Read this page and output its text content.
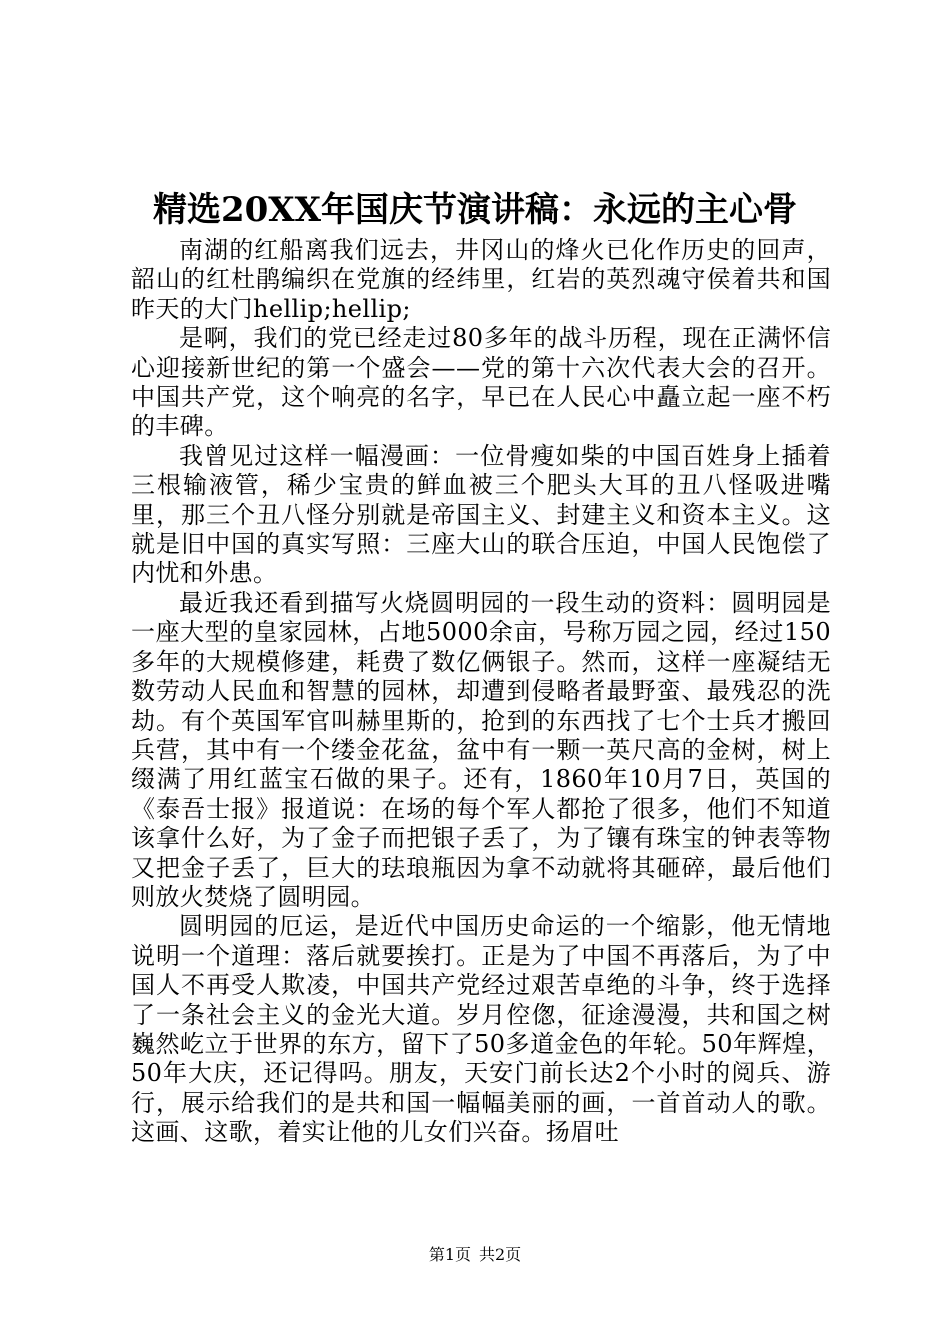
精选20XX年国庆节演讲稿：永远的主心骨

南湖的红船离我们远去，井冈山的烽火已化作历史的回声，韶山的红杜鹃编织在党旗的经纬里，红岩的英烈魂守侯着共和国昨天的大门hellip;hellip;

是啊，我们的党已经走过80多年的战斗历程，现在正满怀信心迎接新世纪的第一个盛会——党的第十六次代表大会的召开。中国共产党，这个响亮的名字，早已在人民心中矗立起一座不朽的丰碑。

我曾见过这样一幅漫画：一位骨瘦如柴的中国百姓身上插着三根输液管，稀少宝贵的鲜血被三个肥头大耳的丑八怪吸进嘴里，那三个丑八怪分别就是帝国主义、封建主义和资本主义。这就是旧中国的真实写照：三座大山的联合压迫，中国人民饱偿了内忧和外患。

最近我还看到描写火烧圆明园的一段生动的资料：圆明园是一座大型的皇家园林，占地5000余亩，号称万园之园，经过150多年的大规模修建，耗费了数亿俩银子。然而，这样一座凝结无数劳动人民血和智慧的园林，却遭到侵略者最野蛮、最残忍的洗劫。有个英国军官叫赫里斯的，抢到的东西找了七个士兵才搬回兵营，其中有一个缕金花盆，盆中有一颗一英尺高的金树，树上缀满了用红蓝宝石做的果子。还有，1860年10月7日，英国的《泰吾士报》报道说：在场的每个军人都抢了很多，他们不知道该拿什么好，为了金子而把银子丢了，为了镶有珠宝的钟表等物又把金子丢了，巨大的珐琅瓶因为拿不动就将其砸碎，最后他们则放火焚烧了圆明园。

圆明园的厄运，是近代中国历史命运的一个缩影，他无情地说明一个道理：落后就要挨打。正是为了中国不再落后，为了中国人不再受人欺凌，中国共产党经过艰苦卓绝的斗争，终于选择了一条社会主义的金光大道。岁月倥偬，征途漫漫，共和国之树巍然屹立于世界的东方，留下了50多道金色的年轮。50年辉煌，50年大庆，还记得吗。朋友，天安门前长达2个小时的阅兵、游行，展示给我们的是共和国一幅幅美丽的画，一首首动人的歌。这画、这歌，着实让他的儿女们兴奋。扬眉吐

第1页 共2页
